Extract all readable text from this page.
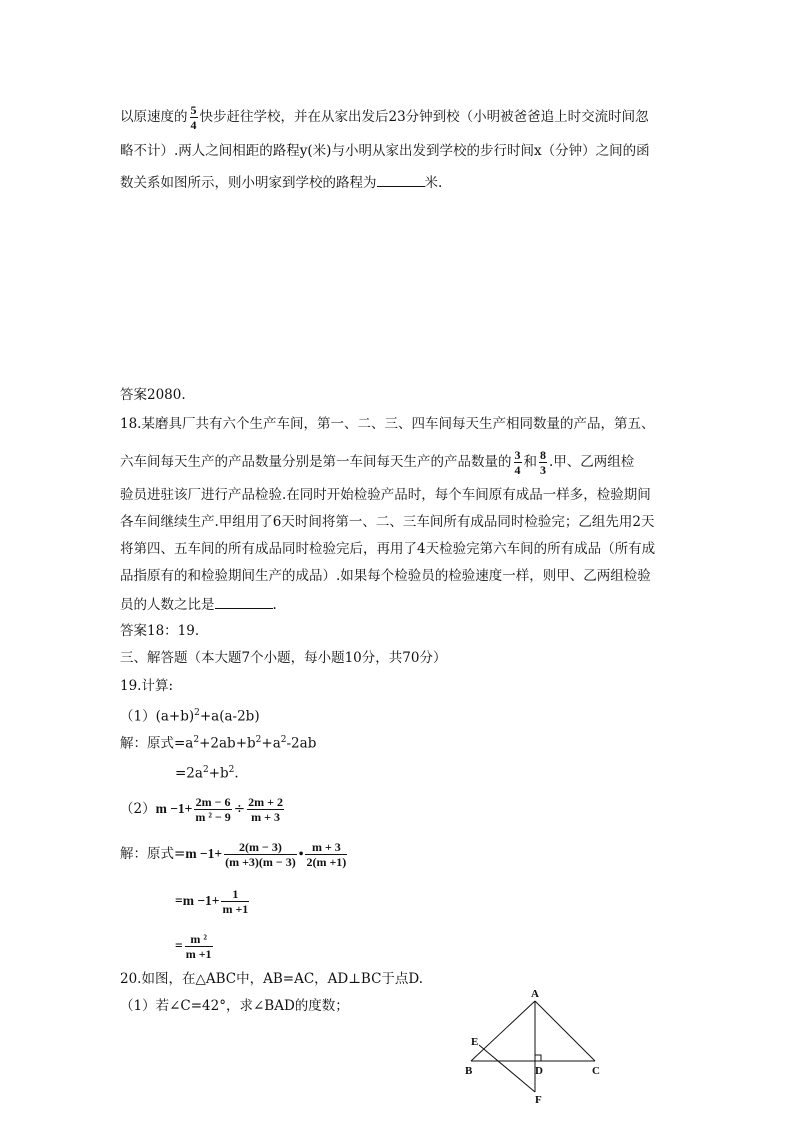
以原速度的 $\frac{5}{4}$ 快步赶往学校，并在从家出发后23分钟到校（小明被爸爸追上时交流时间忽
略不计）.两人之间相距的路程y(米)与小明从家出发到学校的步行时间x（分钟）之间的函
数关系如图所示，则小明家到学校的路程为	米.
答案2080.
18.某磨具厂共有六个生产车间，第一、二、三、四车间每天生产相同数量的产品，第五、
六车间每天生产的产品数量分别是第一车间每天生产的产品数量的 $\frac{3}{4}$ 和 $\frac{8}{3}$ .甲、乙两组检
验员进驻该厂进行产品检验.在同时开始检验产品时，每个车间原有成品一样多，检验期间
各车间继续生产.甲组用了6天时间将第一、二、三车间所有成品同时检验完；乙组先用2天
将第四、五车间的所有成品同时检验完后，再用了4天检验完第六车间的所有成品（所有成
品指原有的和检验期间生产的成品）.如果每个检验员的检验速度一样，则甲、乙两组检验
员的人数之比是	.
答案18：19.
三、解答题（本大题7个小题，每小题10分，共70分）
19.计算:
$(1)(a+b)^2+a(a-2b)$
解：原式$=a^2+2ab+b^2+a^2-2ab$
$=2a^2+b^2$.
$(2)m -1+ \frac{2m - 6}{\text{m ² − 9}} \div \frac{2m + 2}{m + 3}$
解：原式$=m -1+ \frac{2(m - 3)}{(m +3)(m - 3)}$ • $\frac{m + 3}{2(m +1)}$
$=m -1+ \frac{1}{m +1}$
= $\frac{\text{m ²}}{m +1}$
20.如图，在△ABC中，AB=AC，AD⊥BC于点D.
（1）若∠C=42°，求∠BAD的度数；
A
B	C
D
E
F
